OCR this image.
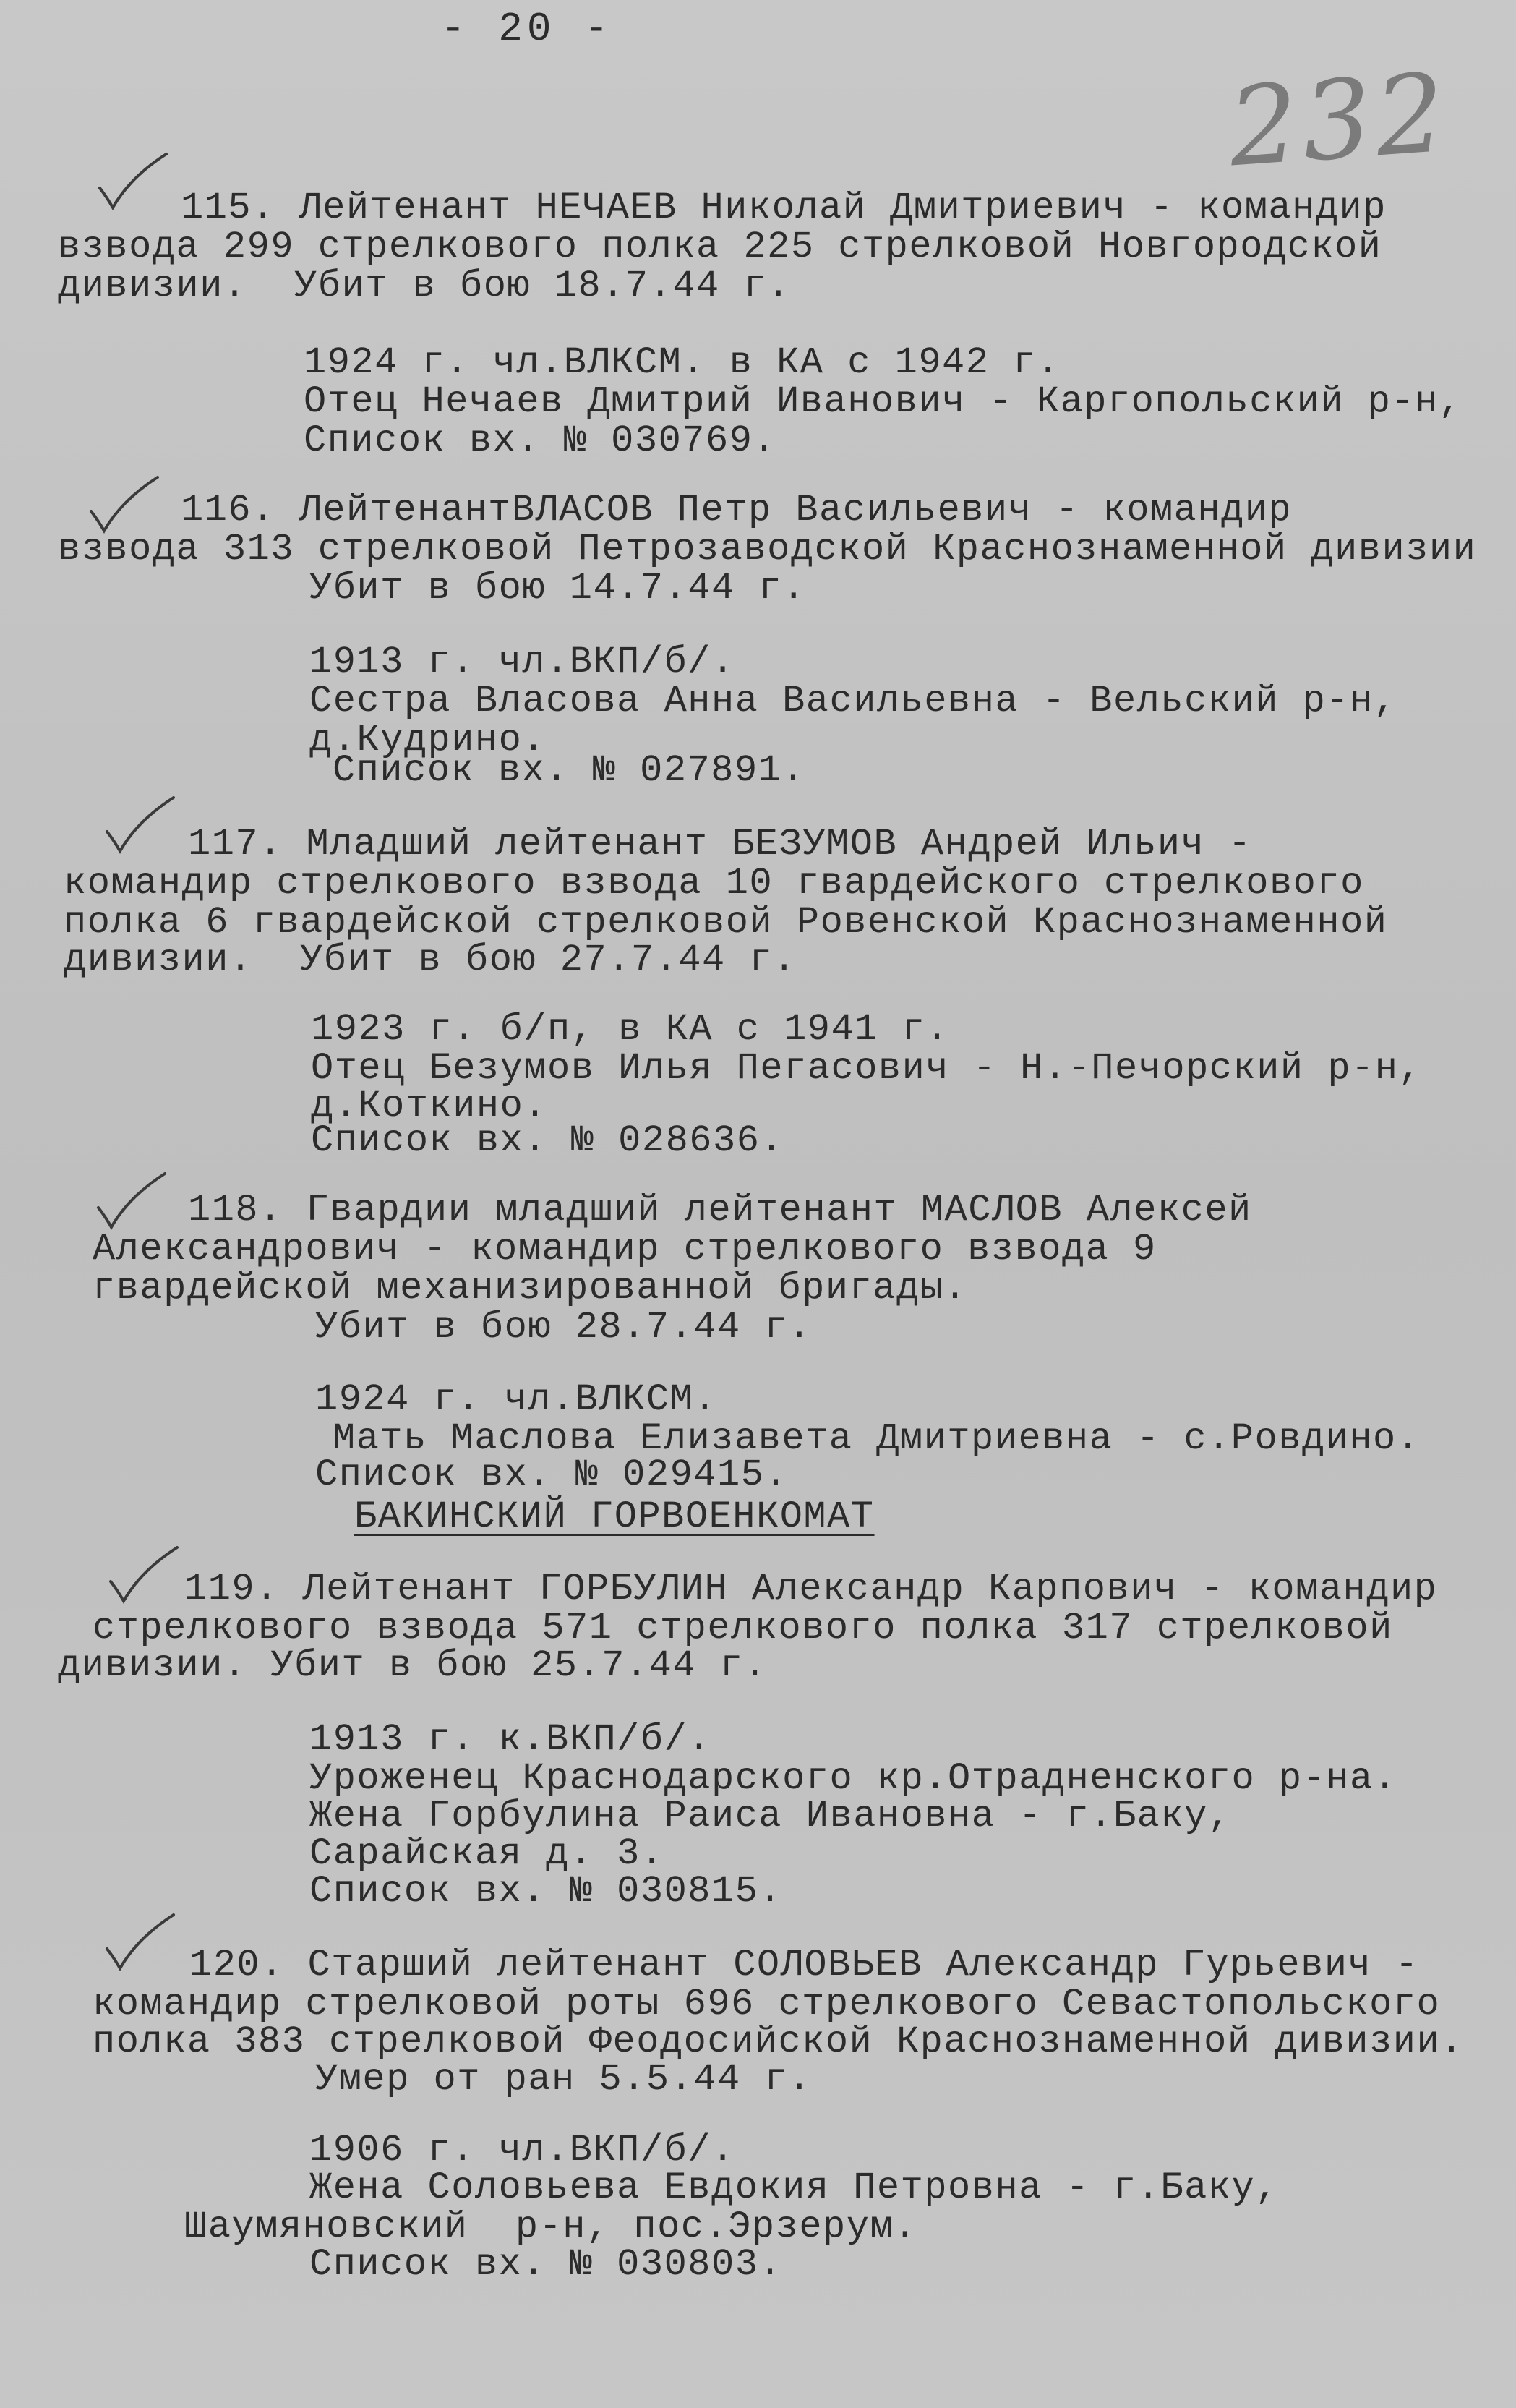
- 20 -
232
115. Лейтенант НЕЧАЕВ Николай Дмитриевич - командир
взвода 299 стрелкового полка 225 стрелковой Новгородской
дивизии.  Убит в бою 18.7.44 г.
1924 г. чл.ВЛКСМ. в КА с 1942 г.
Отец Нечаев Дмитрий Иванович - Каргопольский р-н,
Список вх. № 030769.
116. ЛейтенантВЛАСОВ Петр Васильевич - командир
взвода 313 стрелковой Петрозаводской Краснознаменной дивизии
Убит в бою 14.7.44 г.
1913 г. чл.ВКП/б/.
Сестра Власова Анна Васильевна - Вельский р-н,
д.Кудрино.
Список вх. № 027891.
117. Младший лейтенант БЕЗУМОВ Андрей Ильич -
командир стрелкового взвода 10 гвардейского стрелкового
полка 6 гвардейской стрелковой Ровенской Краснознаменной
дивизии.  Убит в бою 27.7.44 г.
1923 г. б/п, в КА с 1941 г.
Отец Безумов Илья Пегасович - Н.-Печорский р-н,
д.Коткино.
Список вх. № 028636.
118. Гвардии младший лейтенант МАСЛОВ Алексей
Александрович - командир стрелкового взвода 9
гвардейской механизированной бригады.
Убит в бою 28.7.44 г.
1924 г. чл.ВЛКСМ.
Мать Маслова Елизавета Дмитриевна - с.Ровдино.
Список вх. № 029415.
БАКИНСКИЙ ГОРВОЕНКОМАТ
119. Лейтенант ГОРБУЛИН Александр Карпович - командир
стрелкового взвода 571 стрелкового полка 317 стрелковой
дивизии. Убит в бою 25.7.44 г.
1913 г. к.ВКП/б/.
Уроженец Краснодарского кр.Отрадненского р-на.
Жена Горбулина Раиса Ивановна - г.Баку,
Сарайская д. 3.
Список вх. № 030815.
120. Старший лейтенант СОЛОВЬЕВ Александр Гурьевич -
командир стрелковой роты 696 стрелкового Севастопольского
полка 383 стрелковой Феодосийской Краснознаменной дивизии.
Умер от ран 5.5.44 г.
1906 г. чл.ВКП/б/.
Жена Соловьева Евдокия Петровна - г.Баку,
Шаумяновский  р-н, пос.Эрзерум.
Список вх. № 030803.
